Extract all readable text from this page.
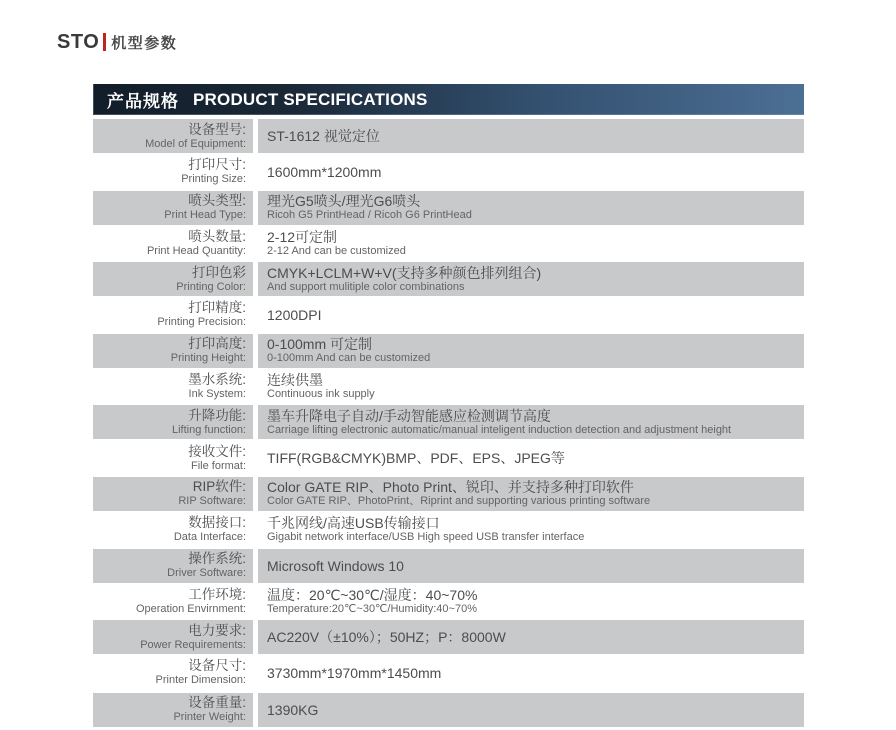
STO 机型参数
产品规格 PRODUCT SPECIFICATIONS
设备型号:
Model of Equipment: ST-1612 视觉定位
打印尺寸:
Printing Size: 1600mm*1200mm
喷头类型:
Print Head Type:
理光G5喷头/理光G6喷头
Ricoh G5 PrintHead / Ricoh G6 PrintHead
喷头数量:
Print Head Quantity:
2-12可定制
2-12 And can be customized
打印色彩
Printing Color:
CMYK+LCLM+W+V(支持多种颜色排列组合)
And support mulitiple color combinations
打印精度:
Printing Precision: 1200DPI
打印高度:
Printing Height:
0-100mm 可定制
0-100mm And can be customized
墨水系统:
Ink System:
连续供墨
Continuous ink supply
升降功能:
Lifting function:
墨车升降电子自动/手动智能感应检测调节高度
Carriage lifting electronic automatic/manual inteligent induction detection and adjustment height
接收文件:
File format: TIFF(RGB&CMYK)BMP、PDF、EPS、JPEG等
RIP软件:
RIP Software:
Color GATE RIP、Photo Print、锐印、并支持多种打印软件
Color GATE RIP、PhotoPrint、Riprint and supporting various printing software
数据接口:
Data Interface:
千兆网线/高速USB传输接口
Gigabit network interface/USB High speed USB transfer interface
操作系统:
Driver Software: Microsoft Windows 10
工作环境:
Operation Envirnment:
温度：20℃~30℃/湿度：40~70%
Temperature:20℃~30℃/Humidity:40~70%
电力要求:
Power Requirements: AC220V（±10%）；50HZ；P：8000W
设备尺寸:
Printer Dimension: 3730mm*1970mm*1450mm
设备重量:
Printer Weight: 1390KG
